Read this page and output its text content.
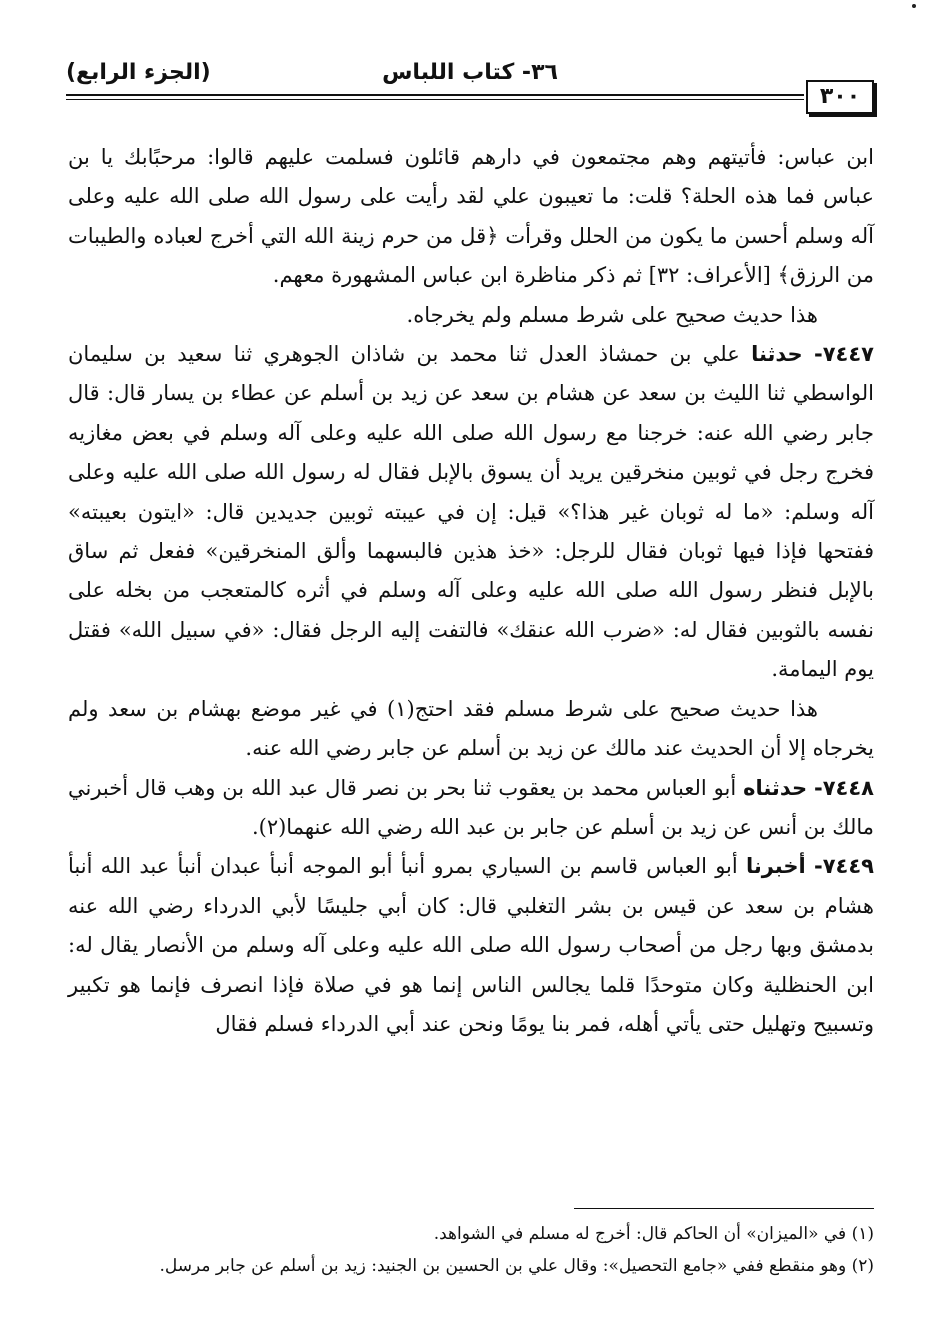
٣٠٠
٣٦- كتاب اللباس
(الجزء الرابع)

ابن عباس: فأتيتهم وهم مجتمعون في دارهم قائلون فسلمت عليهم قالوا: مرحبًابك يا بن عباس فما هذه الحلة؟ قلت: ما تعيبون علي لقد رأيت على رسول الله صلى الله عليه وعلى آله وسلم أحسن ما يكون من الحلل وقرأت ﴿قل من حرم زينة الله التي أخرج لعباده والطيبات من الرزق﴾ [الأعراف: ٣٢] ثم ذكر مناظرة ابن عباس المشهورة معهم.

هذا حديث صحيح على شرط مسلم ولم يخرجاه.

٧٤٤٧- حدثنا علي بن حمشاذ العدل ثنا محمد بن شاذان الجوهري ثنا سعيد بن سليمان الواسطي ثنا الليث بن سعد عن هشام بن سعد عن زيد بن أسلم عن عطاء بن يسار قال: قال جابر رضي الله عنه: خرجنا مع رسول الله صلى الله عليه وعلى آله وسلم في بعض مغازيه فخرج رجل في ثوبين منخرقين يريد أن يسوق بالإبل فقال له رسول الله صلى الله عليه وعلى آله وسلم: «ما له ثوبان غير هذا؟» قيل: إن في عيبته ثوبين جديدين قال: «ايتون بعيبته» ففتحها فإذا فيها ثوبان فقال للرجل: «خذ هذين فالبسهما وألق المنخرقين» ففعل ثم ساق بالإبل فنظر رسول الله صلى الله عليه وعلى آله وسلم في أثره كالمتعجب من بخله على نفسه بالثوبين فقال له: «ضرب الله عنقك» فالتفت إليه الرجل فقال: «في سبيل الله» فقتل يوم اليمامة.

هذا حديث صحيح على شرط مسلم فقد احتج(١) في غير موضع بهشام بن سعد ولم يخرجاه إلا أن الحديث عند مالك عن زيد بن أسلم عن جابر رضي الله عنه.

٧٤٤٨- حدثناه أبو العباس محمد بن يعقوب ثنا بحر بن نصر قال عبد الله بن وهب قال أخبرني مالك بن أنس عن زيد بن أسلم عن جابر بن عبد الله رضي الله عنهما(٢).

٧٤٤٩- أخبرنا أبو العباس قاسم بن السياري بمرو أنبأ أبو الموجه أنبأ عبدان أنبأ عبد الله أنبأ هشام بن سعد عن قيس بن بشر التغلبي قال: كان أبي جليسًا لأبي الدرداء رضي الله عنه بدمشق وبها رجل من أصحاب رسول الله صلى الله عليه وعلى آله وسلم من الأنصار يقال له: ابن الحنظلية وكان متوحدًا قلما يجالس الناس إنما هو في صلاة فإذا انصرف فإنما هو تكبير وتسبيح وتهليل حتى يأتي أهله، فمر بنا يومًا ونحن عند أبي الدرداء فسلم فقال

(١) في «الميزان» أن الحاكم قال: أخرج له مسلم في الشواهد.

(٢) وهو منقطع ففي «جامع التحصيل»: وقال علي بن الحسين بن الجنيد: زيد بن أسلم عن جابر مرسل.
